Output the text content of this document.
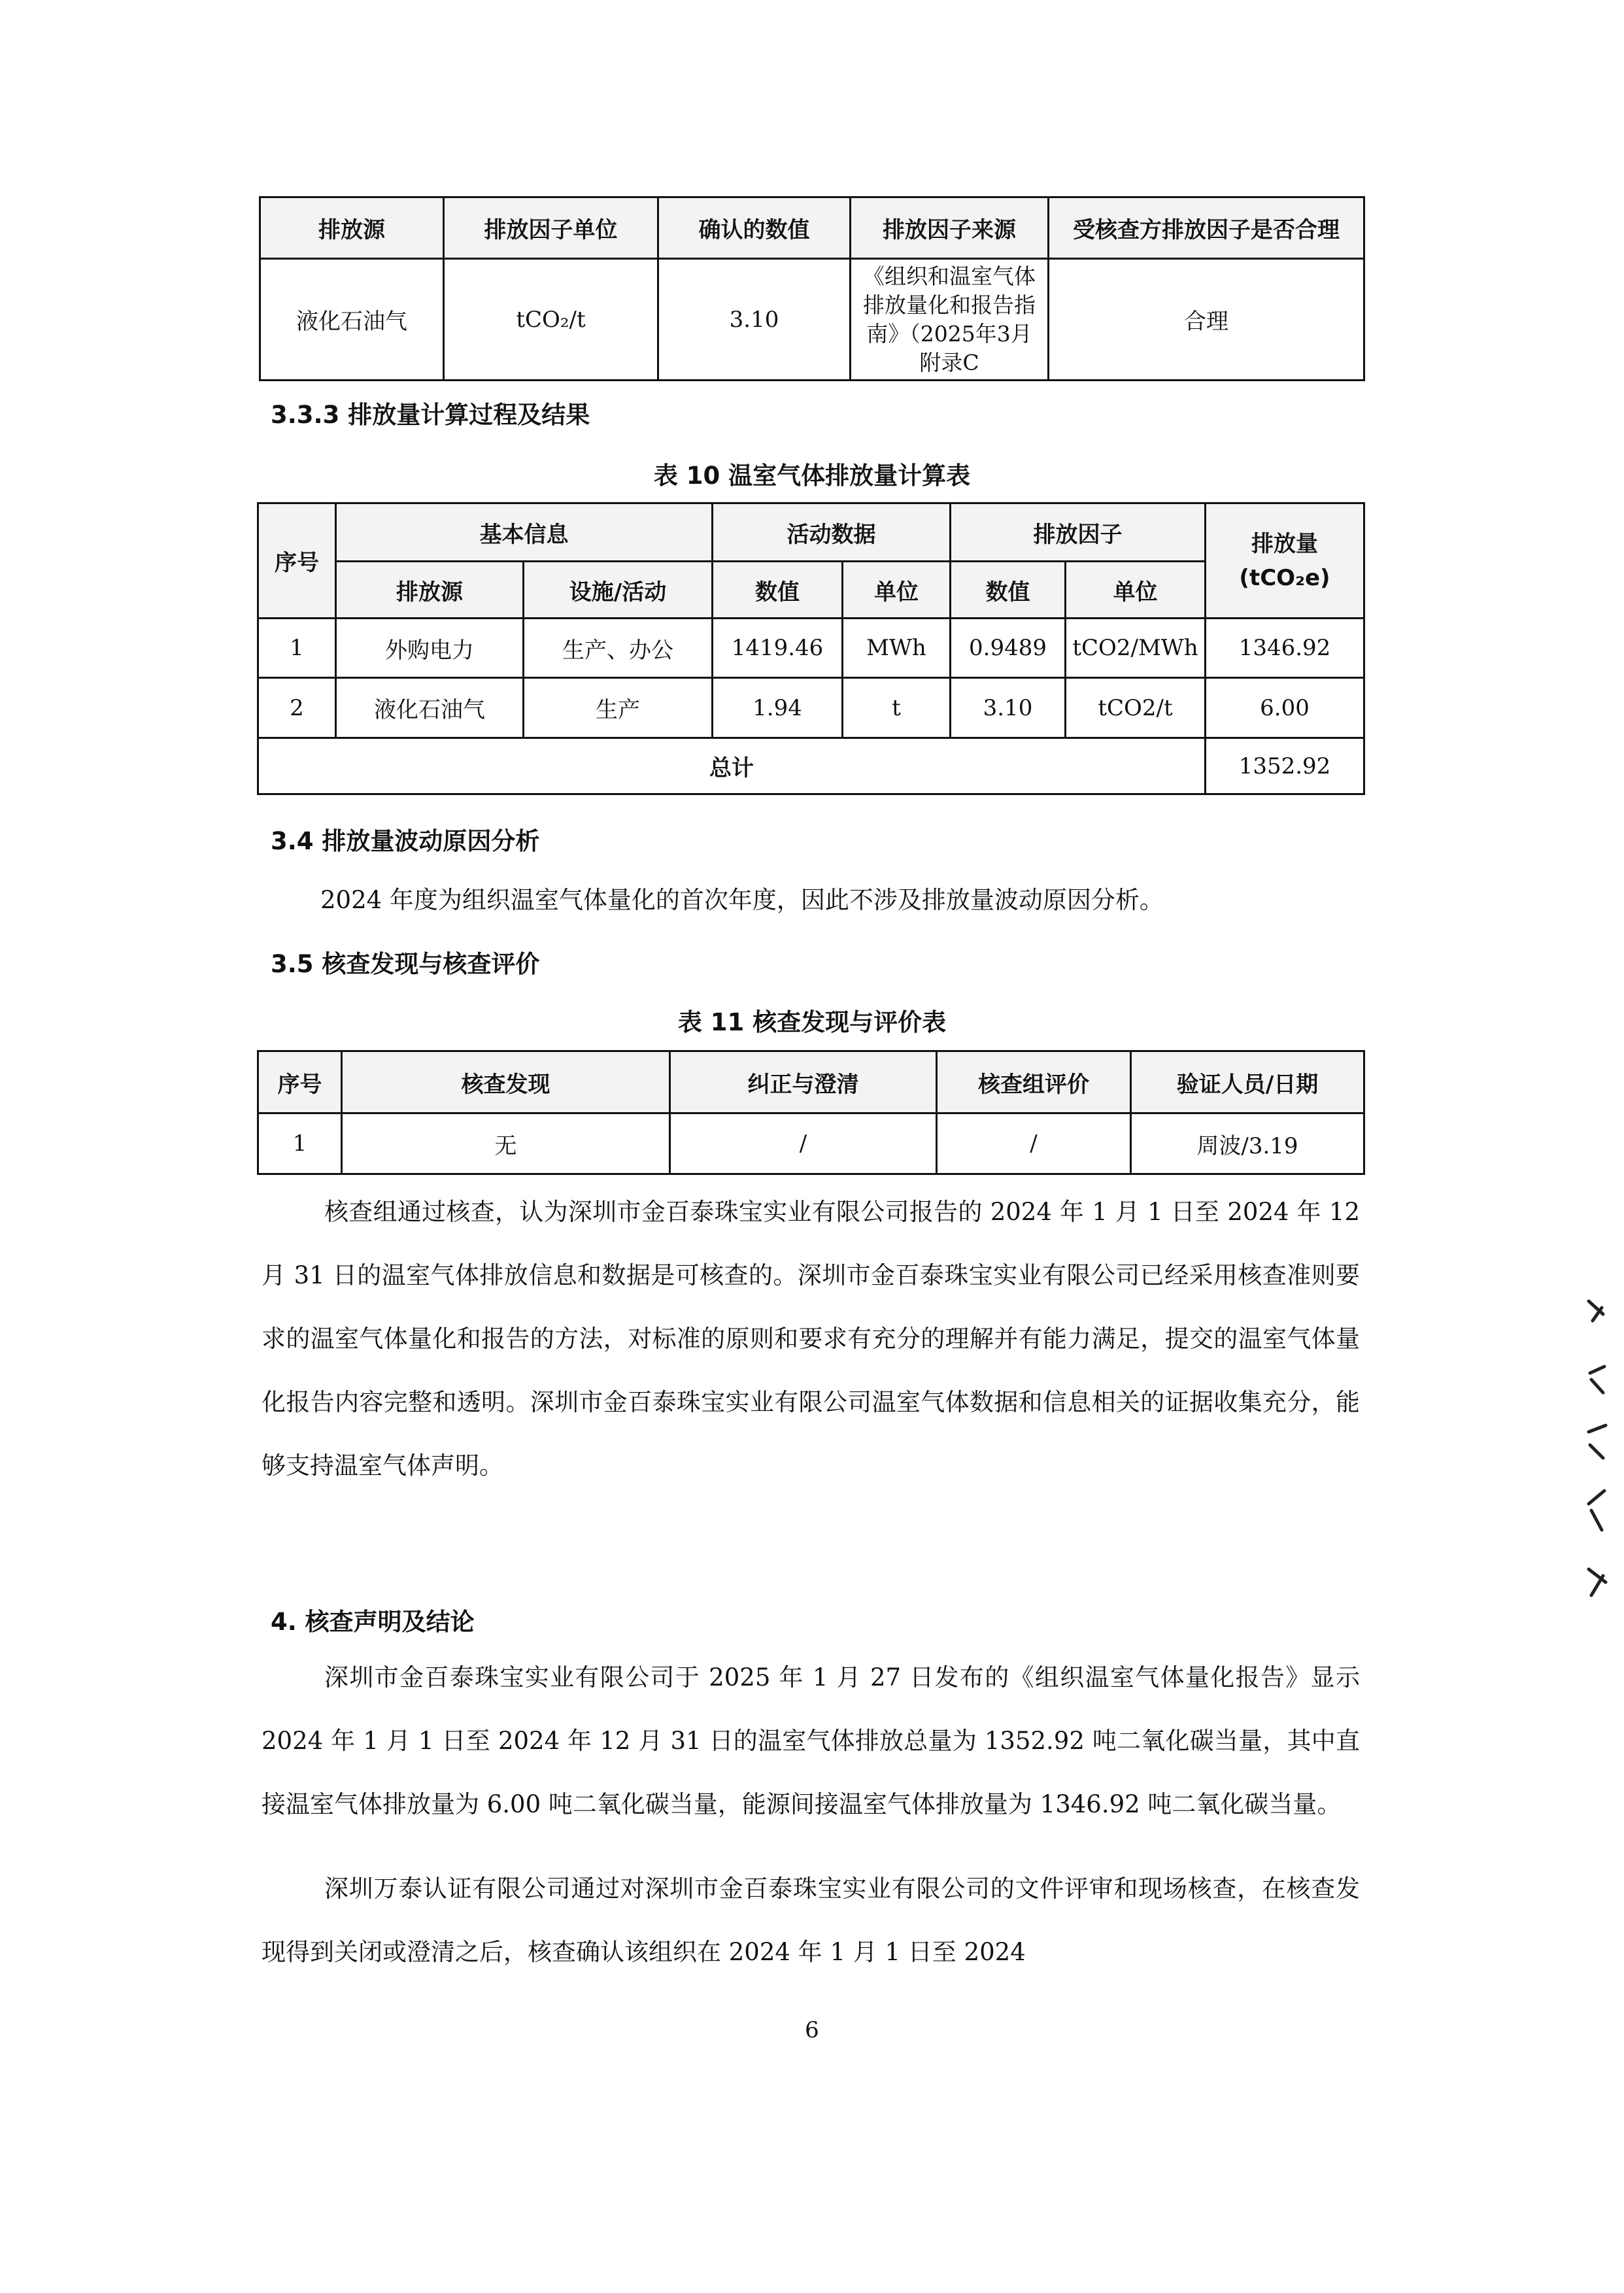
排放源	排放因子单位	确认的数值	排放因子来源	受核查方排放因子是否合理
液化石油气	tCO₂/t	3.10	《组织和温室气体排放量化和报告指南》（2025年3月附录C	合理
3.3.3 排放量计算过程及结果
表 10 温室气体排放量计算表
序号	基本信息		活动数据		排放因子		排放量
(tCO₂e)

	排放源	设施/活动	数值	单位	数值	单位	
1	外购电力	生产、办公	1419.46	MWh	0.9489	tCO2/MWh	1346.92
2	液化石油气	生产	1.94	t	3.10	tCO2/t	6.00
总计							1352.92
3.4 排放量波动原因分析

2024 年度为组织温室气体量化的首次年度，因此不涉及排放量波动原因分析。

3.5 核查发现与核查评价
表 11 核查发现与评价表
序号	核查发现	纠正与澄清	核查组评价	验证人员/日期
1	无	/	/	周波/3.19

核查组通过核查，认为深圳市金百泰珠宝实业有限公司报告的 2024 年 1 月 1 日至 2024 年 12 月 31 日的温室气体排放信息和数据是可核查的。深圳市金百泰珠宝实业有限公司已经采用核查准则要求的温室气体量化和报告的方法，对标准的原则和要求有充分的理解并有能力满足，提交的温室气体量化报告内容完整和透明。深圳市金百泰珠宝实业有限公司温室气体数据和信息相关的证据收集充分，能够支持温室气体声明。

4. 核查声明及结论

深圳市金百泰珠宝实业有限公司于 2025 年 1 月 27 日发布的《组织温室气体量化报告》显示 2024 年 1 月 1 日至 2024 年 12 月 31 日的温室气体排放总量为 1352.92 吨二氧化碳当量，其中直接温室气体排放量为 6.00 吨二氧化碳当量，能源间接温室气体排放量为 1346.92 吨二氧化碳当量。

深圳万泰认证有限公司通过对深圳市金百泰珠宝实业有限公司的文件评审和现场核查，在核查发现得到关闭或澄清之后，核查确认该组织在 2024 年 1 月 1 日至 2024

6
